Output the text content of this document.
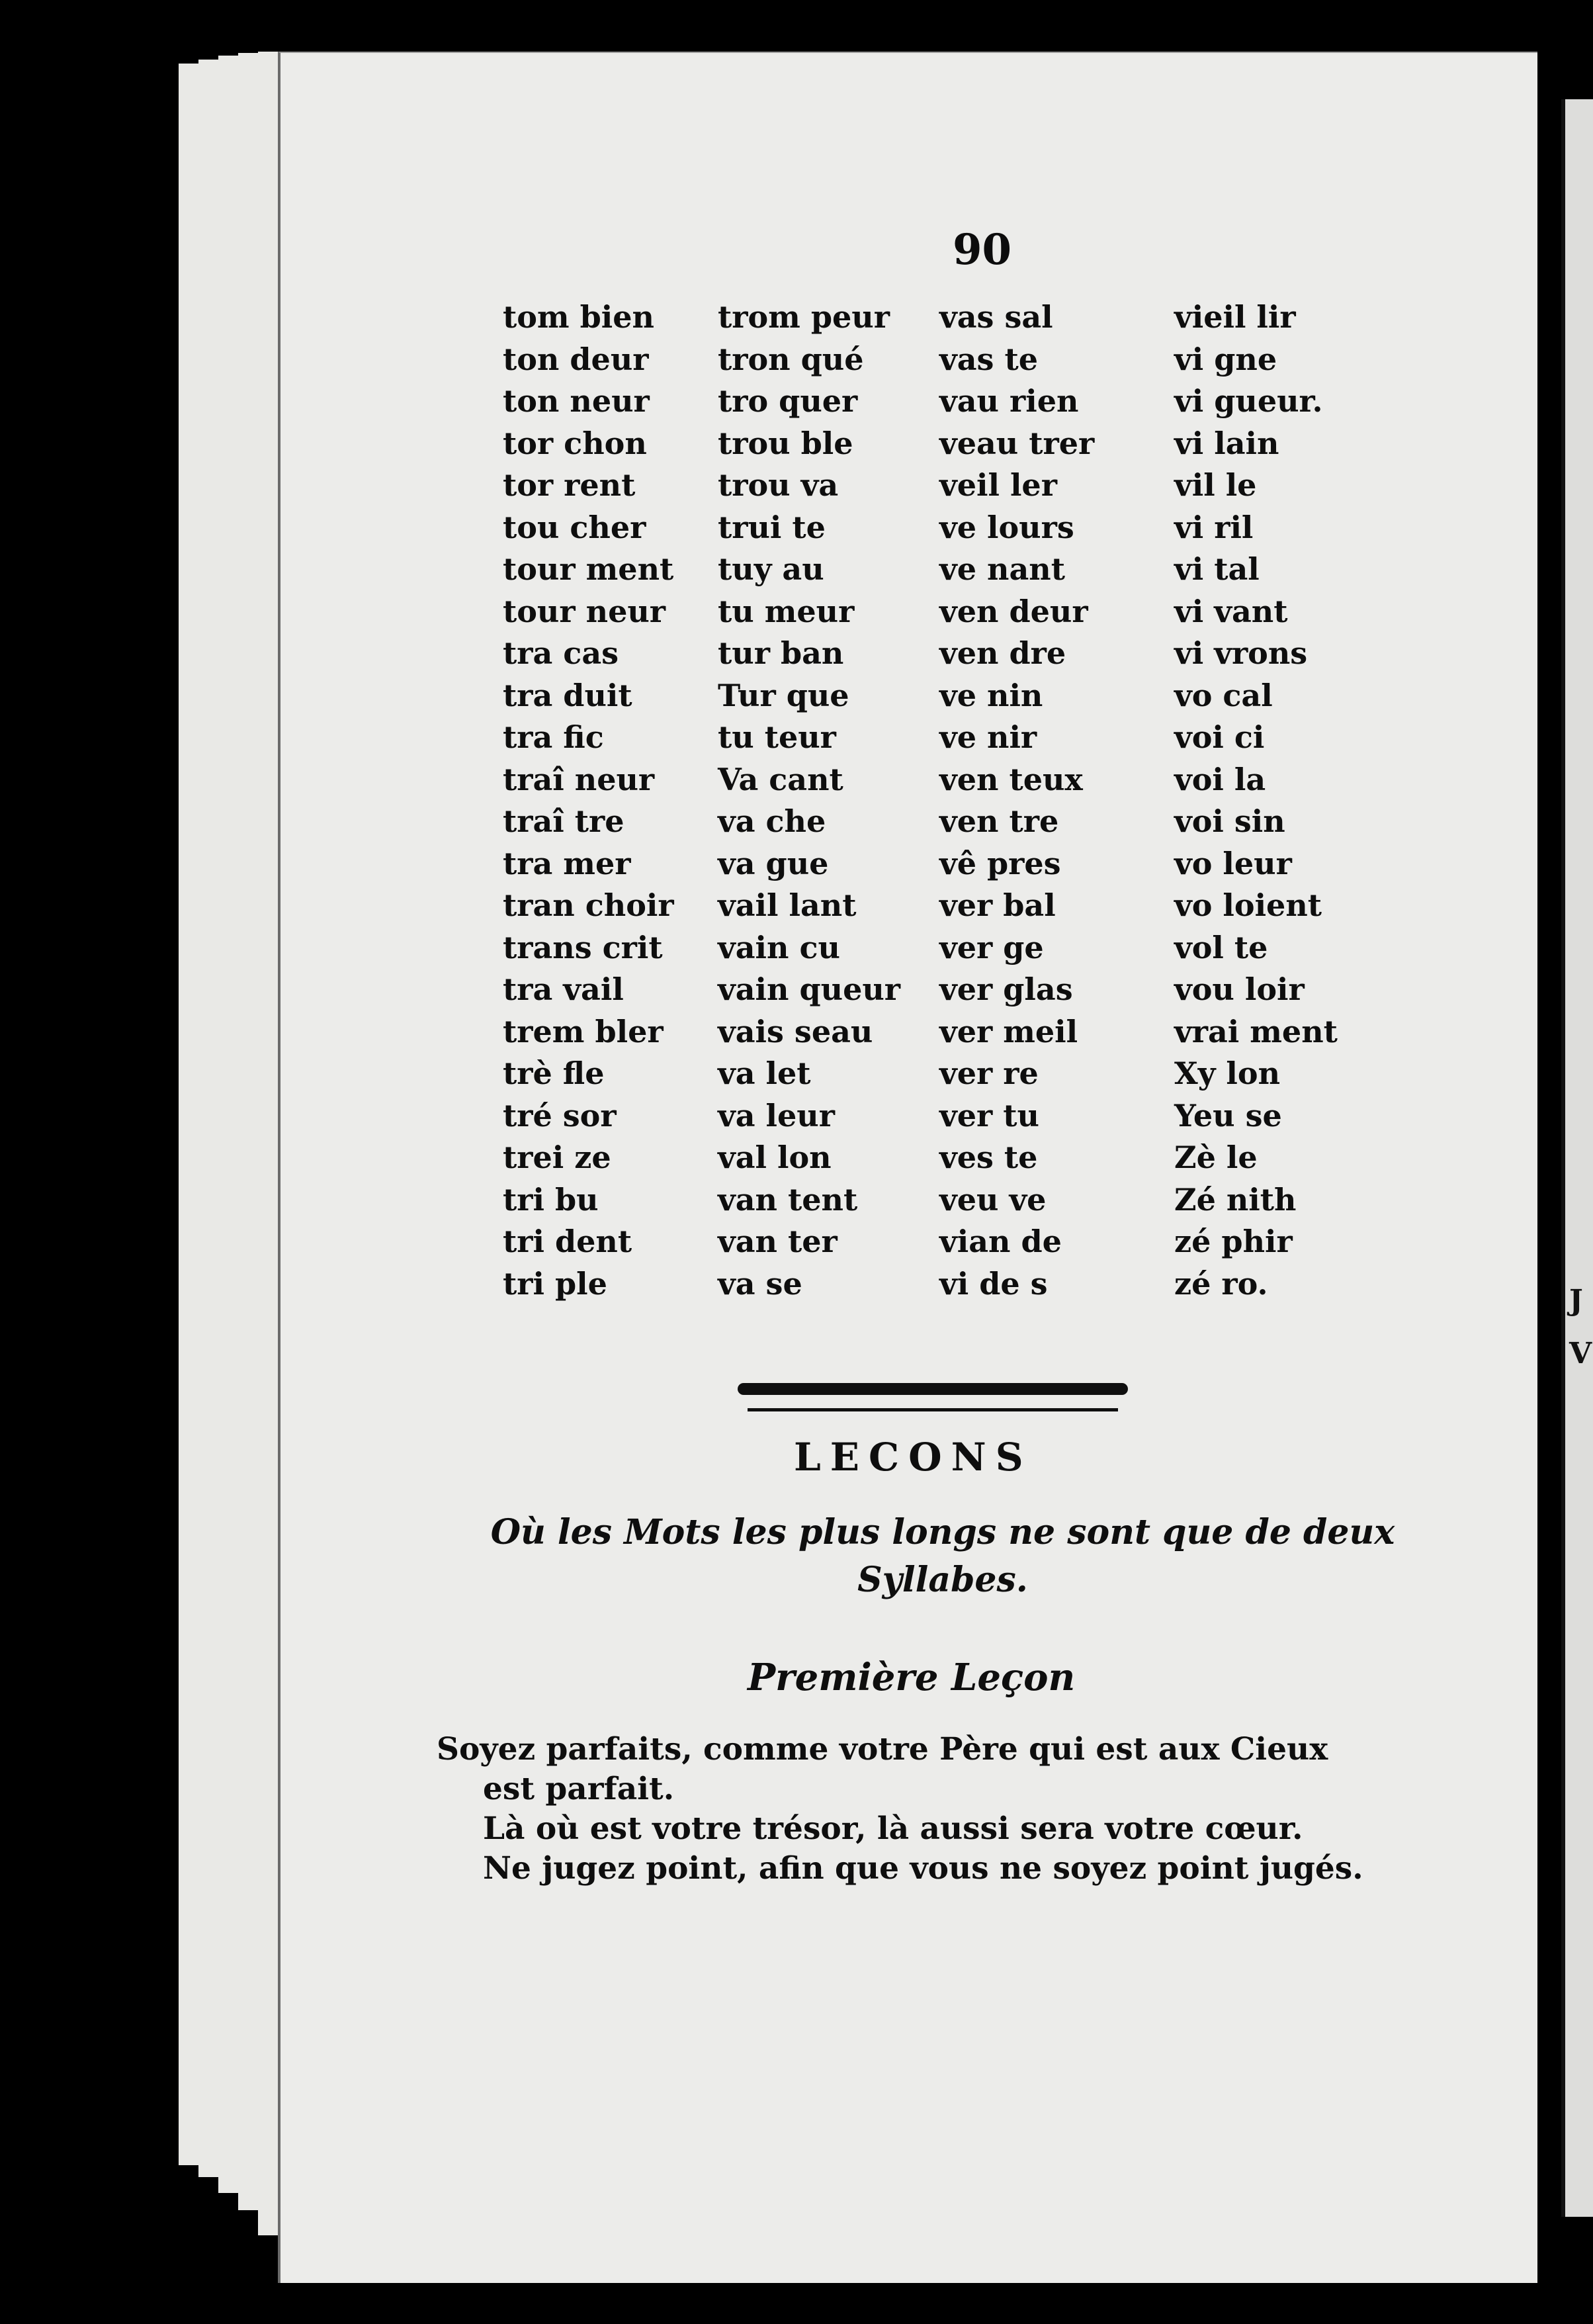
J
V
90
tom bien
ton deur
ton neur
tor chon
tor rent
tou cher
tour ment
tour neur
tra cas
tra duit
tra fic
traî neur
traî tre
tra mer
tran choir
trans crit
tra vail
trem bler
trè fle
tré sor
trei ze
tri bu
tri dent
tri ple
trom peur
tron qué
tro quer
trou ble
trou va
trui te
tuy au
tu meur
tur ban
Tur que
tu teur
Va cant
va che
va gue
vail lant
vain cu
vain queur
vais seau
va let
va leur
val lon
van tent
van ter
va se
vas sal
vas te
vau rien
veau trer
veil ler
ve lours
ve nant
ven deur
ven dre
ve nin
ve nir
ven teux
ven tre
vê pres
ver bal
ver ge
ver glas
ver meil
ver re
ver tu
ves te
veu ve
vian de
vi de s
vieil lir
vi gne
vi gueur.
vi lain
vil le
vi ril
vi tal
vi vant
vi vrons
vo cal
voi ci
voi la
voi sin
vo leur
vo loient
vol te
vou loir
vrai ment
Xy lon
Yeu se
Zè le
Zé nith
zé phir
zé ro.
LECONS
Où les Mots les plus longs ne sont que de deux
Syllabes.
Première Leçon

Soyez parfaits, comme votre Père qui est aux Cieux

est parfait.

Là où est votre trésor, là aussi sera votre cœur.

Ne jugez point, afin que vous ne soyez point jugés.
